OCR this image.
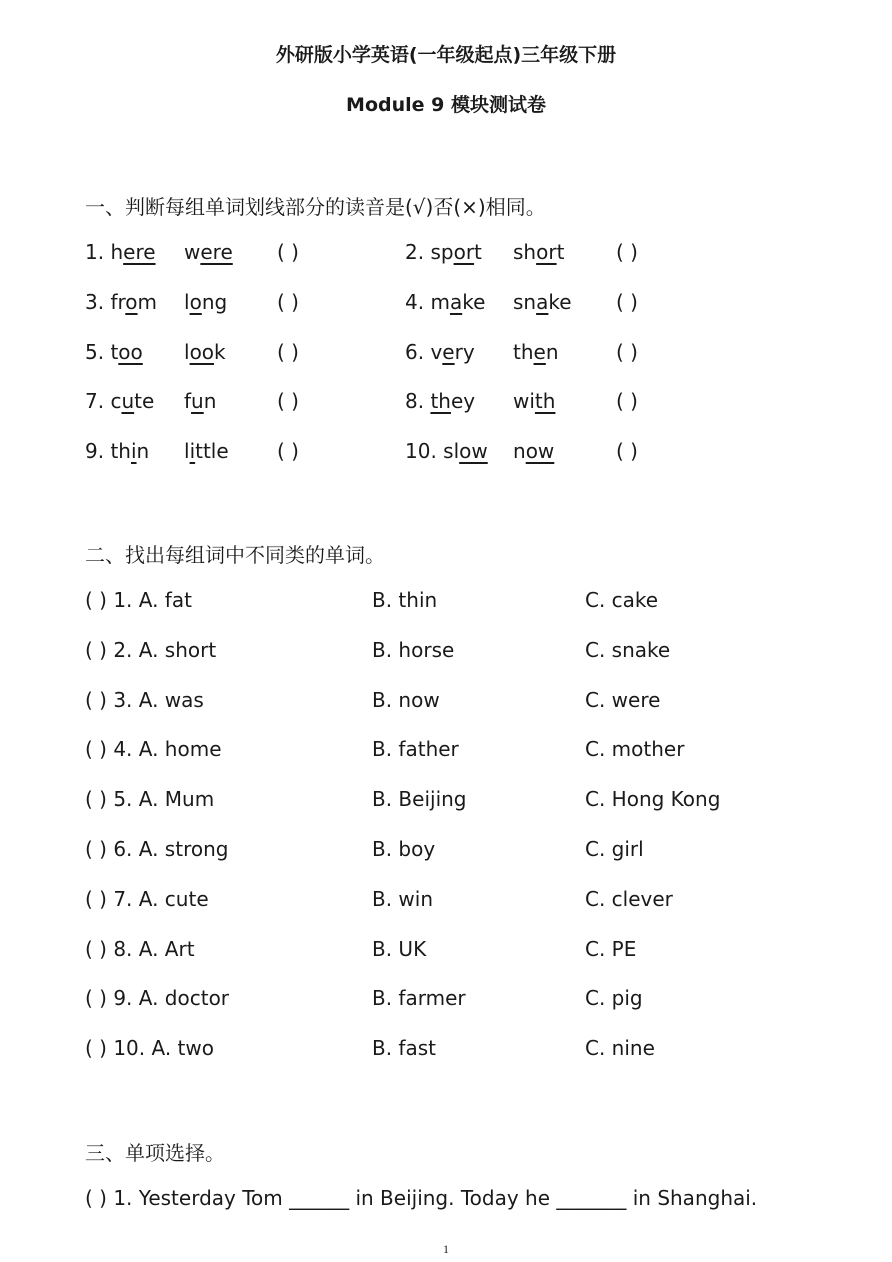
外研版小学英语(一年级起点)三年级下册
Module 9 模块测试卷
一、判断每组单词划线部分的读音是(√)否(×)相同。
1. here were ( )	2. sport short	( )
3. from long ( )	4. make snake ( )
5. too look	( )	6. very then	( )
7. cute fun	( )	8. they with	( )
9. thin little ( )	10. slow now	( )
二、找出每组词中不同类的单词。
( ) 1. A. fat	B. thin	C. cake
( ) 2. A. short	B. horse	C. snake
( ) 3. A. was	B. now	C. were
( ) 4. A. home	B. father	C. mother
( ) 5. A. Mum	B. Beijing	C. Hong Kong
( ) 6. A. strong	B. boy	C. girl
( ) 7. A. cute	B. win	C. clever
( ) 8. A. Art	B. UK	C. PE
( ) 9. A. doctor	B. farmer	C. pig
( ) 10. A. two	B. fast	C. nine
三、单项选择。
( ) 1. Yesterday Tom ______ in Beijing. Today he _______ in Shanghai.
1
